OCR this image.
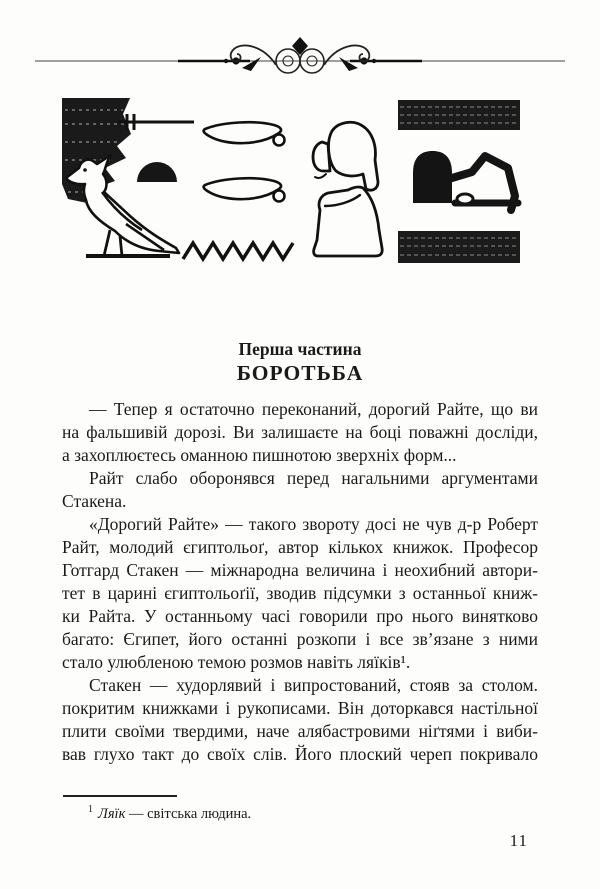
Перша частина
БОРОТЬБА
— Тепер я остаточно переконаний, дорогий Райте, що ви
на фальшивій дорозі. Ви залишаєте на боці поважні досліди,
а захоплюєтесь оманною пишнотою зверхніх форм...
Райт слабо оборонявся перед нагальними аргументами
Стакена.
«Дорогий Райте» — такого звороту досі не чув д-р Роберт
Райт, молодий єгиптольоґ, автор кількох книжок. Професор
Готгард Стакен — міжнародна величина і неохибний автори-
тет в царині єгиптольоґії, зводив підсумки з останньої книж-
ки Райта. У останньому часі говорили про нього винятково
багато: Єгипет, його останні розкопи і все зв’язане з ними
стало улюбленою темою розмов навіть ляїків¹.
Стакен — худорлявий і випростований, стояв за столом.
покритим книжками і рукописами. Він доторкався настільної
плити своїми твердими, наче алябастровими ніґтями і виби-
вав глухо такт до своїх слів. Його плоский череп покривало
$^1$ Ляїк — світська людина.
11
